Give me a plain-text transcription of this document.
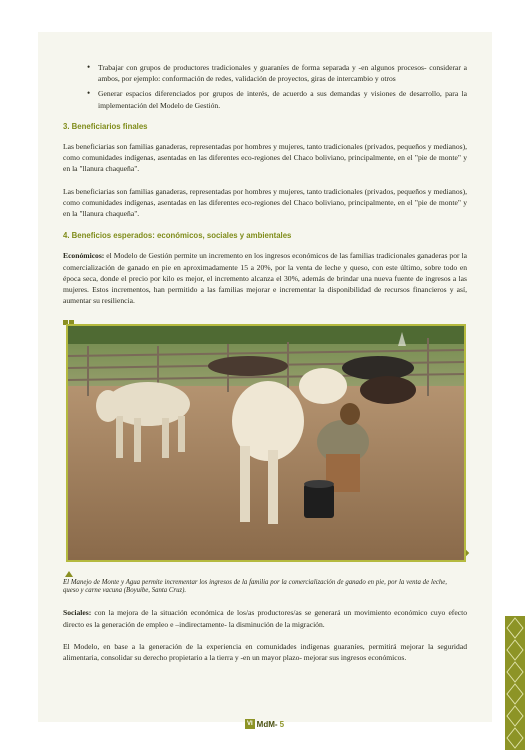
• Trabajar con grupos de productores tradicionales y guaraníes de forma separada y -en algunos procesos- considerar a ambos, por ejemplo: conformación de redes, validación de proyectos, giras de intercambio y otros
• Generar espacios diferenciados por grupos de interés, de acuerdo a sus demandas y visiones de desarrollo, para la implementación del Modelo de Gestión.
3. Beneficiarios finales

Las beneficiarias son familias ganaderas, representadas por hombres y mujeres, tanto tradicionales (privados, pequeños y medianos), como comunidades indígenas, asentadas en las diferentes eco-regiones del Chaco boliviano, principalmente, en el "pie de monte" y en la "llanura chaqueña".

Las beneficiarias son familias ganaderas, representadas por hombres y mujeres, tanto tradicionales (privados, pequeños y medianos), como comunidades indígenas, asentadas en las diferentes eco-regiones del Chaco boliviano, principalmente, en el "pie de monte" y en la "llanura chaqueña".

4. Beneficios esperados: económicos, sociales y ambientales

Económicos: el Modelo de Gestión permite un incremento en los ingresos económicos de las familias tradicionales ganaderas por la comercialización de ganado en pie en aproximadamente 15 a 20%, por la venta de leche y queso, con este último, sobre todo en época seca, donde el precio por kilo es mejor, el incremento alcanza el 30%, además de brindar una nueva fuente de ingresos a las mujeres. Estos incrementos, han permitido a las familias mejorar e incrementar la disponibilidad de recursos financieros y así, aumentar su resiliencia.

El Manejo de Monte y Agua permite incrementar los ingresos de la familia por la comercialización de ganado en pie, por la venta de leche, queso y carne vacuna (Boyuibe, Santa Cruz).

Sociales: con la mejora de la situación económica de los/as productores/as se generará un movimiento económico cuyo efecto directo es la generación de empleo e –indirectamente- la disminución de la migración.

El Modelo, en base a la generación de la experiencia en comunidades indígenas guaraníes, permitirá mejorar la seguridad alimentaria, consolidar su derecho propietario a la tierra y -en un mayor plazo- mejorar sus ingresos económicos.

VI MdM- 5
